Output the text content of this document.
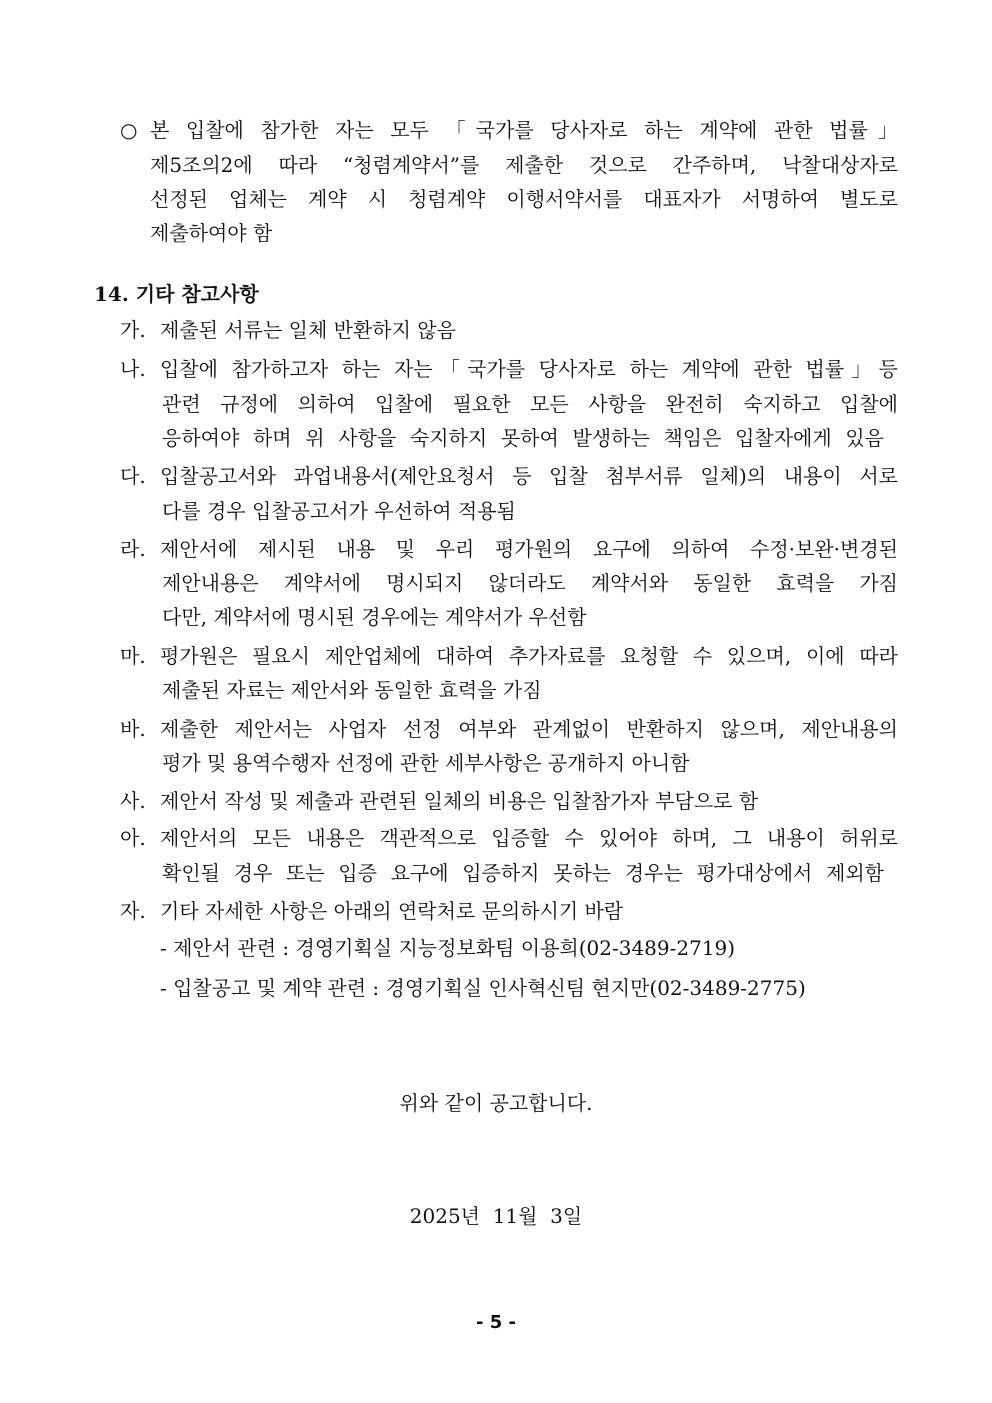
○ 본 입찰에 참가한 자는 모두 「국가를 당사자로 하는 계약에 관한 법률」
제5조의2에 따라 “청렴계약서”를 제출한 것으로 간주하며, 낙찰대상자로
선정된 업체는 계약 시 청렴계약 이행서약서를 대표자가 서명하여 별도로
제출하여야 함
14. 기타 참고사항
가. 제출된 서류는 일체 반환하지 않음
나. 입찰에 참가하고자 하는 자는「국가를 당사자로 하는 계약에 관한 법률」등
관련 규정에 의하여 입찰에 필요한 모든 사항을 완전히 숙지하고 입찰에
응하여야 하며 위 사항을 숙지하지 못하여 발생하는 책임은 입찰자에게 있음
다. 입찰공고서와 과업내용서(제안요청서 등 입찰 첨부서류 일체)의 내용이 서로
다를 경우 입찰공고서가 우선하여 적용됨
라. 제안서에 제시된 내용 및 우리 평가원의 요구에 의하여 수정·보완·변경된
제안내용은 계약서에 명시되지 않더라도 계약서와 동일한 효력을 가짐
다만, 계약서에 명시된 경우에는 계약서가 우선함
마. 평가원은 필요시 제안업체에 대하여 추가자료를 요청할 수 있으며, 이에 따라
제출된 자료는 제안서와 동일한 효력을 가짐
바. 제출한 제안서는 사업자 선정 여부와 관계없이 반환하지 않으며, 제안내용의
평가 및 용역수행자 선정에 관한 세부사항은 공개하지 아니함
사. 제안서 작성 및 제출과 관련된 일체의 비용은 입찰참가자 부담으로 함
아. 제안서의 모든 내용은 객관적으로 입증할 수 있어야 하며, 그 내용이 허위로
확인될 경우 또는 입증 요구에 입증하지 못하는 경우는 평가대상에서 제외함
자. 기타 자세한 사항은 아래의 연락처로 문의하시기 바람
- 제안서 관련 : 경영기획실 지능정보화팀 이용희(02-3489-2719)
- 입찰공고 및 계약 관련 : 경영기획실 인사혁신팀 현지만(02-3489-2775)
위와 같이 공고합니다.
2025년  11월  3일
- 5 -
